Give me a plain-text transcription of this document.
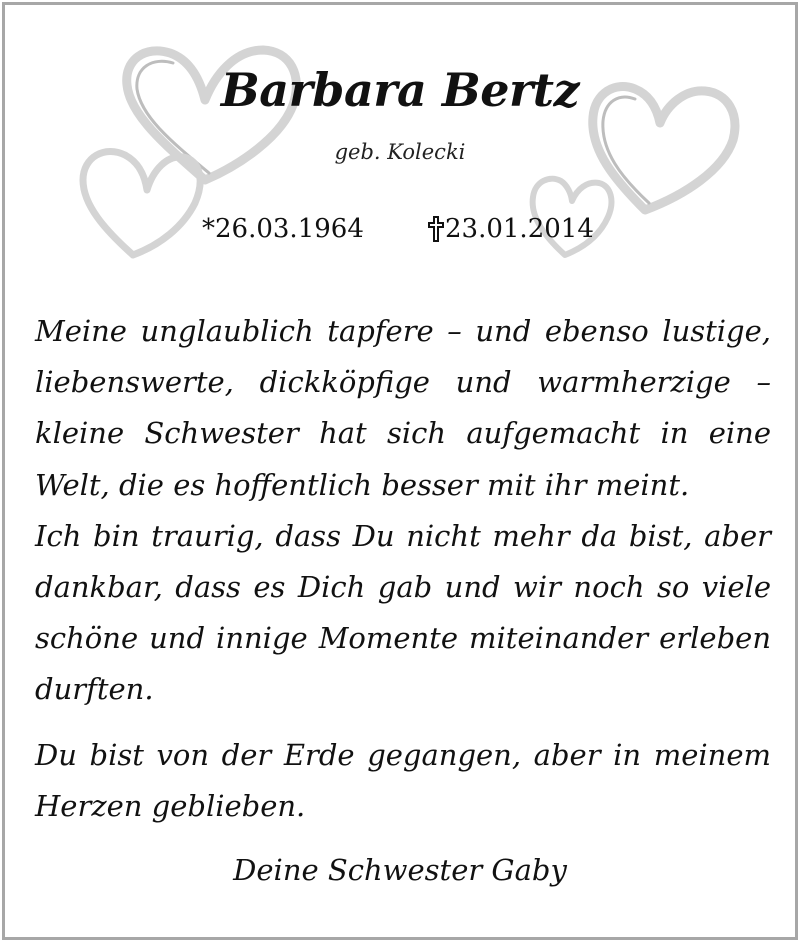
Barbara Bertz
geb. Kolecki
*26.03.1964	23.01.2014

Meine unglaublich tapfere – und ebenso lustige, liebenswerte, dickköpfige und warmherzige – kleine Schwester hat sich aufgemacht in eine Welt, die es hoffentlich besser mit ihr meint.

Ich bin traurig, dass Du nicht mehr da bist, aber dankbar, dass es Dich gab und wir noch so viele schöne und innige Momente miteinander erleben durften.

Du bist von der Erde gegangen, aber in meinem Herzen geblieben.

Deine Schwester Gaby
